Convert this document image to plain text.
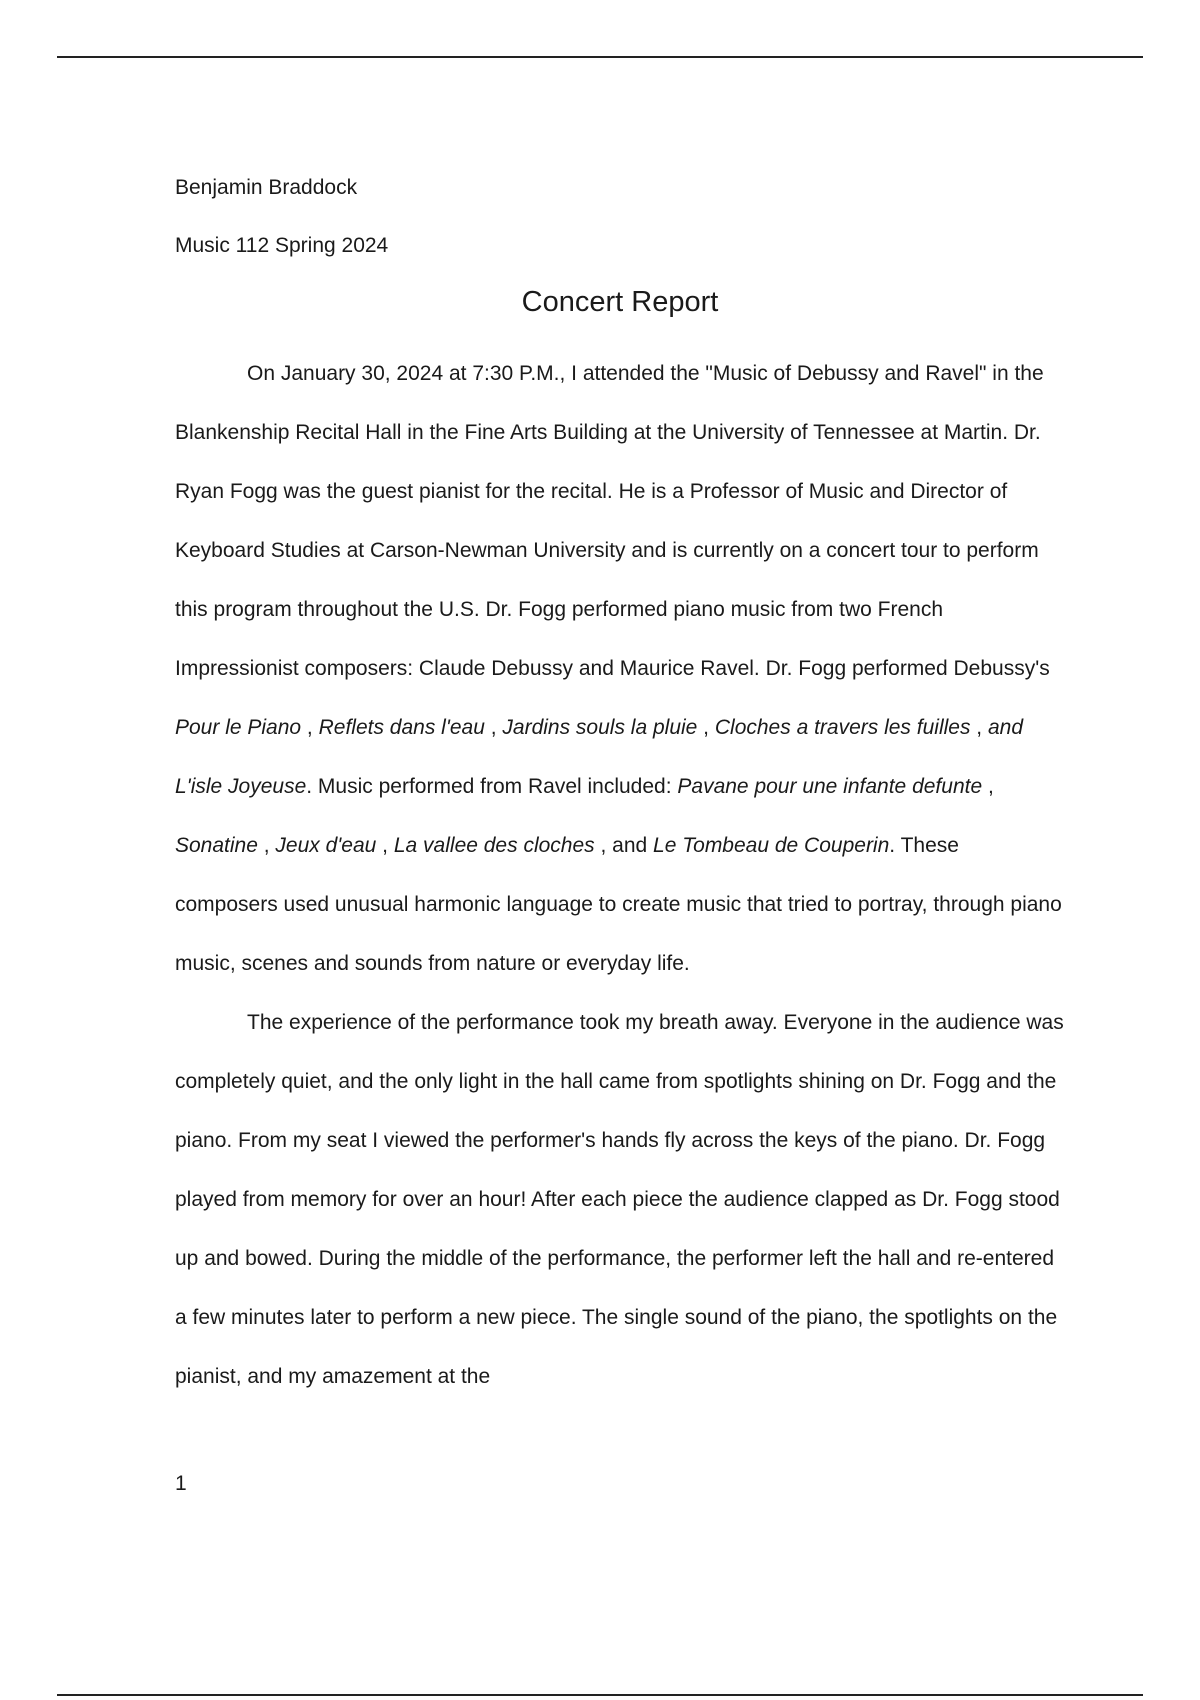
Benjamin Braddock

Music 112 Spring 2024

Concert Report

On January 30, 2024 at 7:30 P.M., I attended the "Music of Debussy and Ravel" in the Blankenship Recital Hall in the Fine Arts Building at the University of Tennessee at Martin. Dr. Ryan Fogg was the guest pianist for the recital. He is a Professor of Music and Director of Keyboard Studies at Carson-Newman University and is currently on a concert tour to perform this program throughout the U.S. Dr. Fogg performed piano music from two French Impressionist composers: Claude Debussy and Maurice Ravel. Dr. Fogg performed Debussy's Pour le Piano , Reflets dans l'eau , Jardins souls la pluie , Cloches a travers les fuilles , and L'isle Joyeuse. Music performed from Ravel included: Pavane pour une infante defunte , Sonatine , Jeux d'eau , La vallee des cloches , and Le Tombeau de Couperin. These composers used unusual harmonic language to create music that tried to portray, through piano music, scenes and sounds from nature or everyday life.

The experience of the performance took my breath away. Everyone in the audience was completely quiet, and the only light in the hall came from spotlights shining on Dr. Fogg and the piano. From my seat I viewed the performer's hands fly across the keys of the piano. Dr. Fogg played from memory for over an hour! After each piece the audience clapped as Dr. Fogg stood up and bowed. During the middle of the performance, the performer left the hall and re-entered a few minutes later to perform a new piece. The single sound of the piano, the spotlights on the pianist, and my amazement at the

1
